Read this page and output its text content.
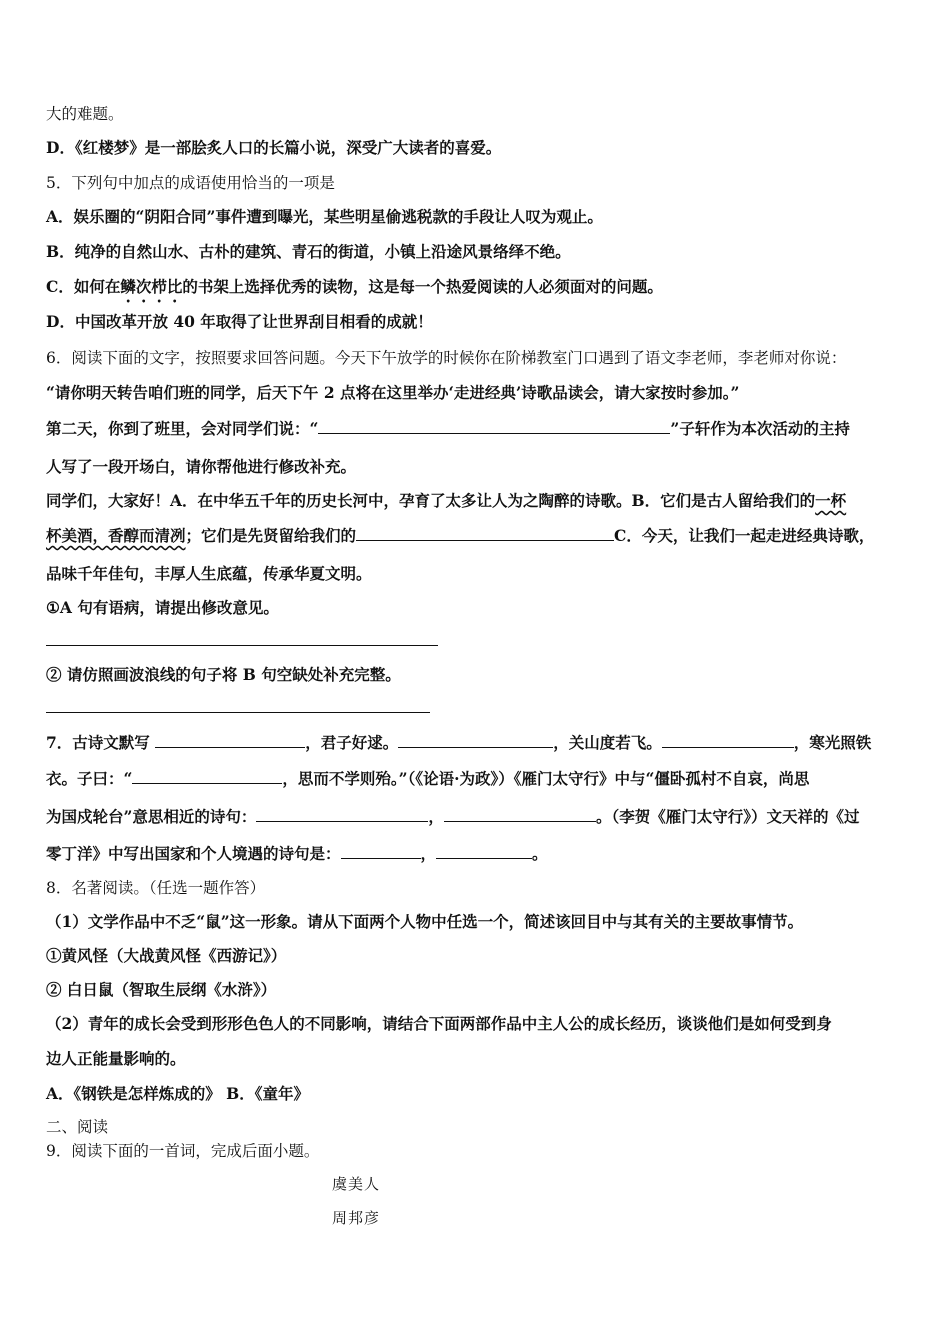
大的难题。
D．《红楼梦》是一部脍炙人口的长篇小说，深受广大读者的喜爱。
5．下列句中加点的成语使用恰当的一项是
A．娱乐圈的“阴阳合同”事件遭到曝光，某些明星偷逃税款的手段让人叹为观止。
B．纯净的自然山水、古朴的建筑、青石的街道，小镇上沿途风景络绎不绝。
C．如何在鳞次栉比的书架上选择优秀的读物，这是每一个热爱阅读的人必须面对的问题。
D．中国改革开放 40 年取得了让世界刮目相看的成就！
6．阅读下面的文字，按照要求回答问题。今天下午放学的时候你在阶梯教室门口遇到了语文李老师，李老师对你说：
“请你明天转告咱们班的同学，后天下午 2 点将在这里举办‘走进经典’诗歌品读会，请大家按时参加。”
第二天，你到了班里，会对同学们说：“	”子轩作为本次活动的主持
人写了一段开场白，请你帮他进行修改补充。
同学们，大家好！A．在中华五千年的历史长河中，孕育了太多让人为之陶醉的诗歌。B．它们是古人留给我们的一杯
杯美酒，香醇而清冽；它们是先贤留给我们的	C．今天，让我们一起走进经典诗歌，
品味千年佳句，丰厚人生底蕴，传承华夏文明。
①A 句有语病，请提出修改意见。
② 请仿照画波浪线的句子将 B 句空缺处补充完整。
7．古诗文默写	，君子好逑。	，关山度若飞。	，寒光照铁
衣。子曰：“	，思而不学则殆。”（《论语·为政》）《雁门太守行》中与“僵卧孤村不自哀，尚思
为国戍轮台”意思相近的诗句：	，	。（李贺《雁门太守行》）文天祥的《过
零丁洋》中写出国家和个人境遇的诗句是：	，	。
8．名著阅读。（任选一题作答）
（1）文学作品中不乏“鼠”这一形象。请从下面两个人物中任选一个，简述该回目中与其有关的主要故事情节。
①黄风怪（大战黄风怪《西游记》）
② 白日鼠（智取生辰纲《水浒》）
（2）青年的成长会受到形形色色人的不同影响，请结合下面两部作品中主人公的成长经历，谈谈他们是如何受到身
边人正能量影响的。
A．《钢铁是怎样炼成的》 B．《童年》
二、阅读
9．阅读下面的一首词，完成后面小题。
虞美人
周邦彦
